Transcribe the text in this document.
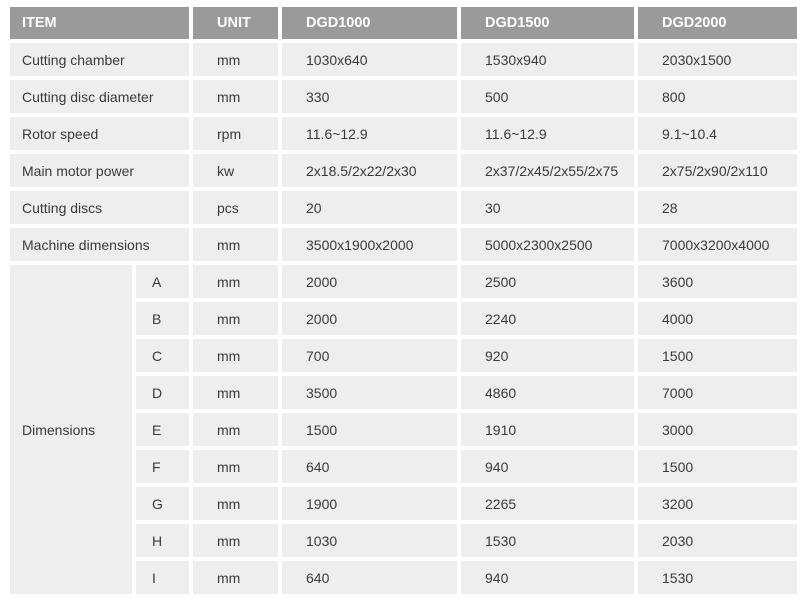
ITEM		UNIT	DGD1000	DGD1500	DGD2000
Cutting chamber		mm	1030x640	1530x940	2030x1500
Cutting disc diameter		mm	330	500	800
Rotor speed		rpm	11.6~12.9	11.6~12.9	9.1~10.4
Main motor power		kw	2x18.5/2x22/2x30	2x37/2x45/2x55/2x75	2x75/2x90/2x110
Cutting discs		pcs	20	30	28
Machine dimensions		mm	3500x1900x2000	5000x2300x2500	7000x3200x4000
Dimensions	A	mm	2000	2500	3600
	B	mm	2000	2240	4000
	C	mm	700	920	1500
	D	mm	3500	4860	7000
	E	mm	1500	1910	3000
	F	mm	640	940	1500
	G	mm	1900	2265	3200
	H	mm	1030	1530	2030
	I	mm	640	940	1530
